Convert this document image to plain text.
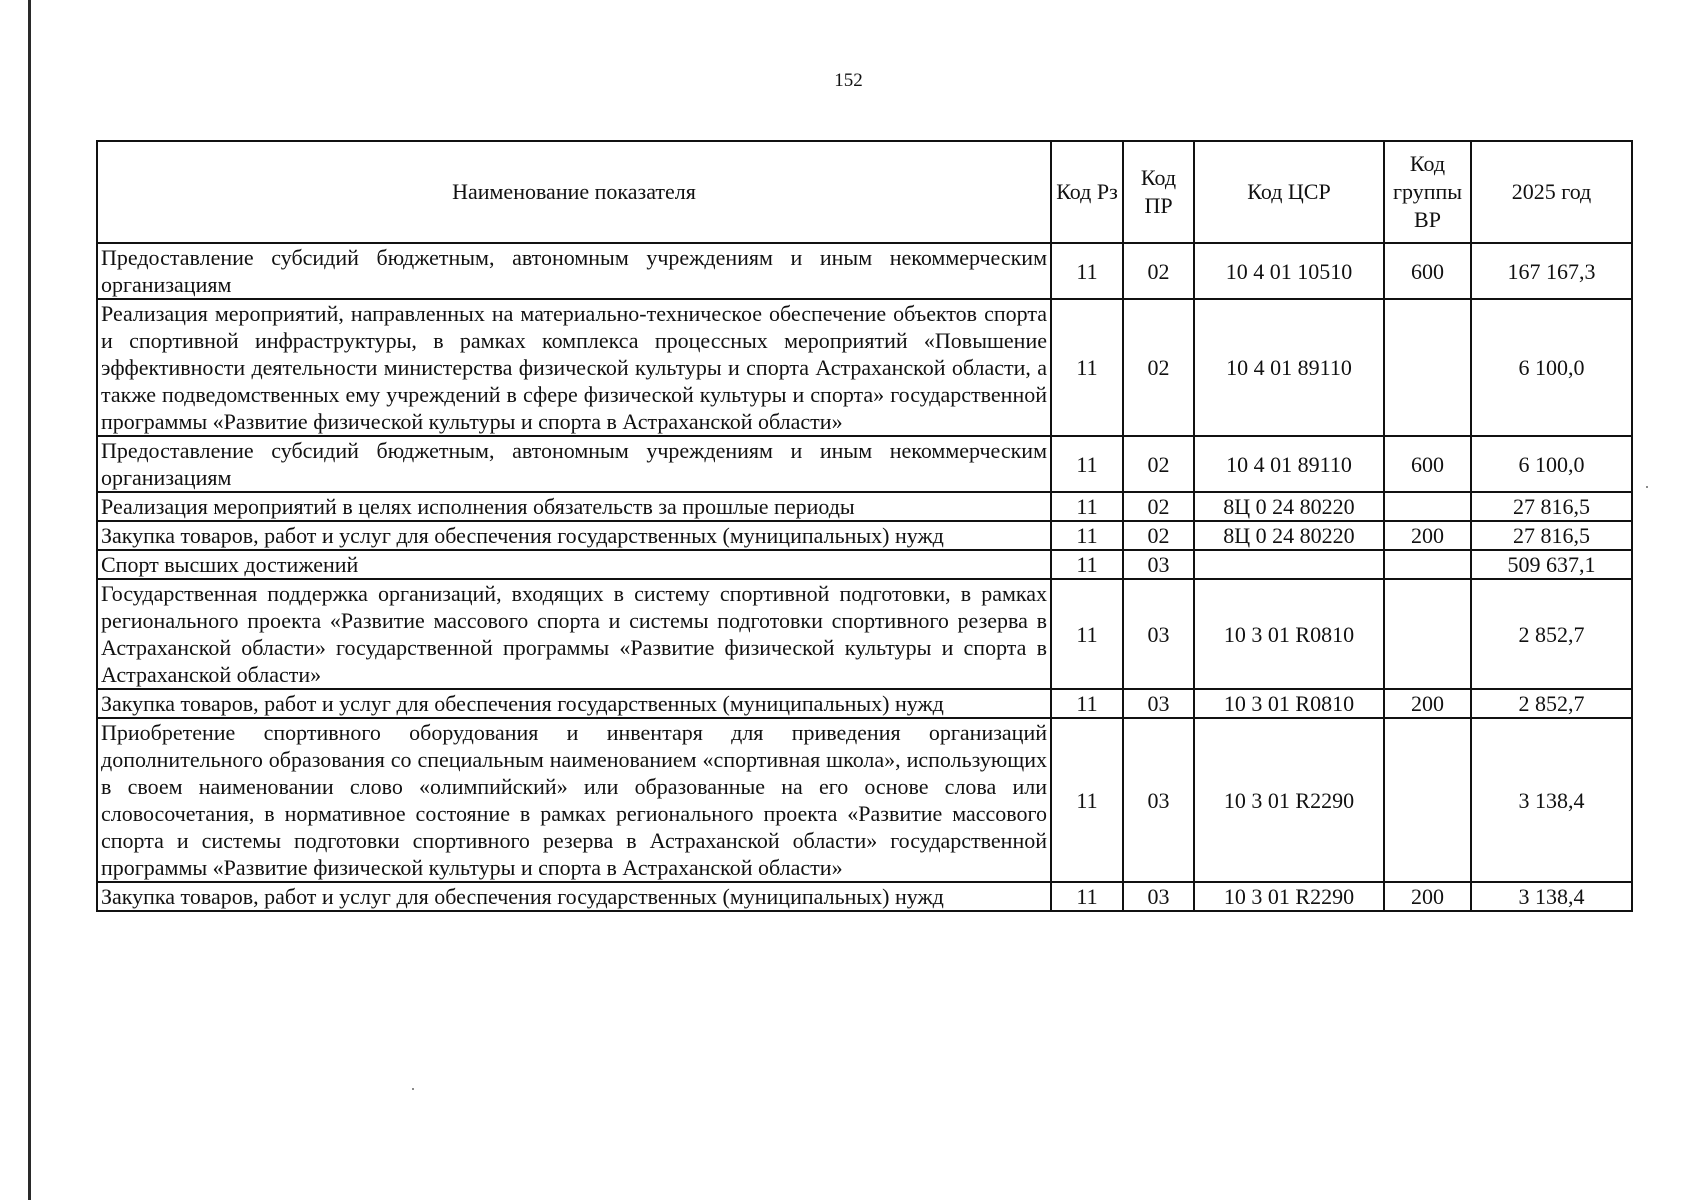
152
Наименование показателя	Код Рз	Код ПР	Код ЦСР	Код группы ВР	2025 год
Предоставление субсидий бюджетным, автономным учреждениям и иным некоммерческим организациям	11	02	10 4 01 10510	600	167 167,3
Реализация мероприятий, направленных на материально-техническое обеспечение объектов спорта и спортивной инфраструктуры, в рамках комплекса процессных мероприятий «Повышение эффективности деятельности министерства физической культуры и спорта Астраханской области, а также подведомственных ему учреждений в сфере физической культуры и спорта» государственной программы «Развитие физической культуры и спорта в Астраханской области»	11	02	10 4 01 89110		6 100,0
Предоставление субсидий бюджетным, автономным учреждениям и иным некоммерческим организациям	11	02	10 4 01 89110	600	6 100,0
Реализация мероприятий в целях исполнения обязательств за прошлые периоды	11	02	8Ц 0 24 80220		27 816,5
Закупка товаров, работ и услуг для обеспечения государственных (муниципальных) нужд	11	02	8Ц 0 24 80220	200	27 816,5
Спорт высших достижений	11	03			509 637,1
Государственная поддержка организаций, входящих в систему спортивной подготовки, в рамках регионального проекта «Развитие массового спорта и системы подготовки спортивного резерва в Астраханской области» государственной программы «Развитие физической культуры и спорта в Астраханской области»	11	03	10 3 01 R0810		2 852,7
Закупка товаров, работ и услуг для обеспечения государственных (муниципальных) нужд	11	03	10 3 01 R0810	200	2 852,7
Приобретение спортивного оборудования и инвентаря для приведения организаций дополнительного образования со специальным наименованием «спортивная школа», использующих в своем наименовании слово «олимпийский» или образованные на его основе слова или словосочетания, в нормативное состояние в рамках регионального проекта «Развитие массового спорта и системы подготовки спортивного резерва в Астраханской области» государственной программы «Развитие физической культуры и спорта в Астраханской области»	11	03	10 3 01 R2290		3 138,4
Закупка товаров, работ и услуг для обеспечения государственных (муниципальных) нужд	11	03	10 3 01 R2290	200	3 138,4
